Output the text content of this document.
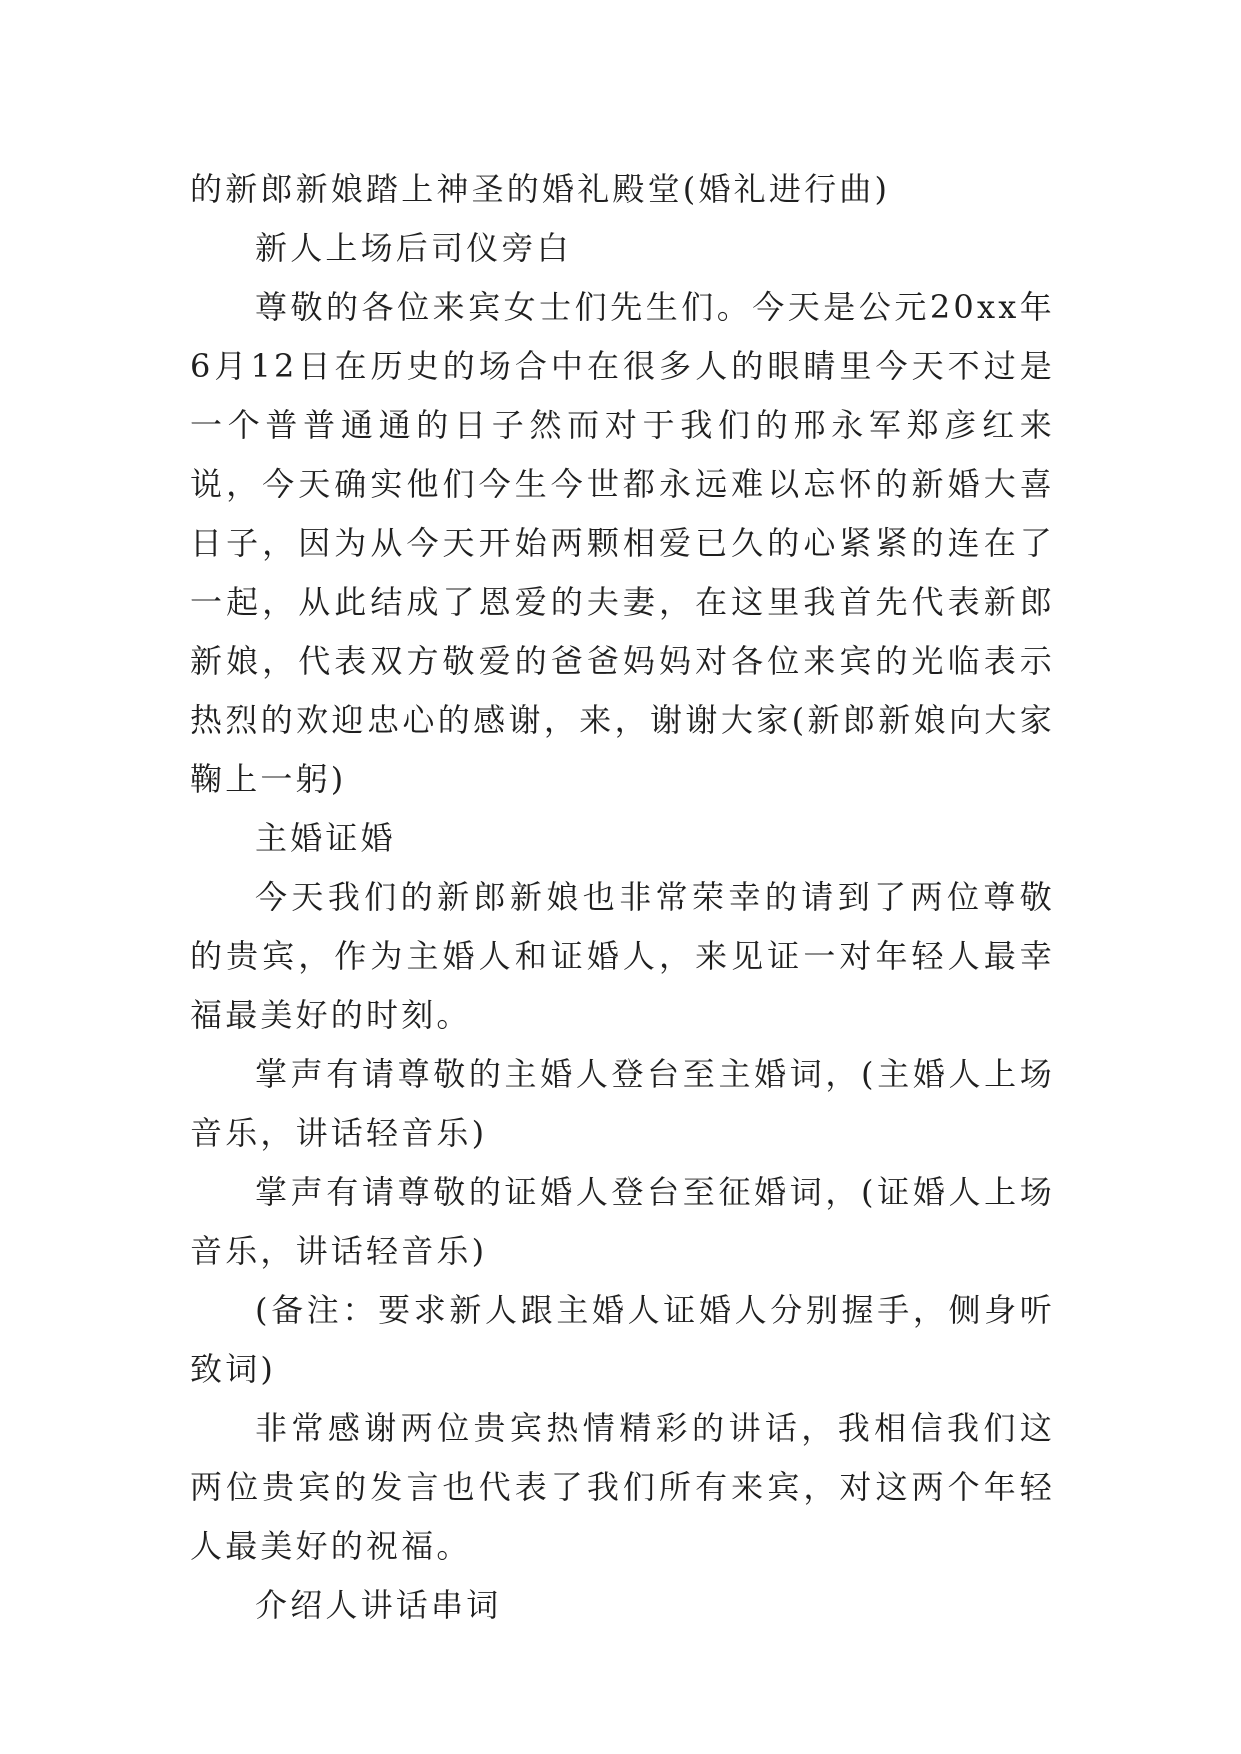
的新郎新娘踏上神圣的婚礼殿堂(婚礼进行曲)

新人上场后司仪旁白

尊敬的各位来宾女士们先生们。今天是公元20xx年6月12日在历史的场合中在很多人的眼睛里今天不过是一个普普通通的日子然而对于我们的邢永军郑彦红来说，今天确实他们今生今世都永远难以忘怀的新婚大喜日子，因为从今天开始两颗相爱已久的心紧紧的连在了一起，从此结成了恩爱的夫妻，在这里我首先代表新郎新娘，代表双方敬爱的爸爸妈妈对各位来宾的光临表示热烈的欢迎忠心的感谢，来，谢谢大家(新郎新娘向大家鞠上一躬)

主婚证婚

今天我们的新郎新娘也非常荣幸的请到了两位尊敬的贵宾，作为主婚人和证婚人，来见证一对年轻人最幸福最美好的时刻。

掌声有请尊敬的主婚人登台至主婚词，(主婚人上场音乐，讲话轻音乐)

掌声有请尊敬的证婚人登台至征婚词，(证婚人上场音乐，讲话轻音乐)

(备注：要求新人跟主婚人证婚人分别握手，侧身听致词)

非常感谢两位贵宾热情精彩的讲话，我相信我们这两位贵宾的发言也代表了我们所有来宾，对这两个年轻人最美好的祝福。

介绍人讲话串词
